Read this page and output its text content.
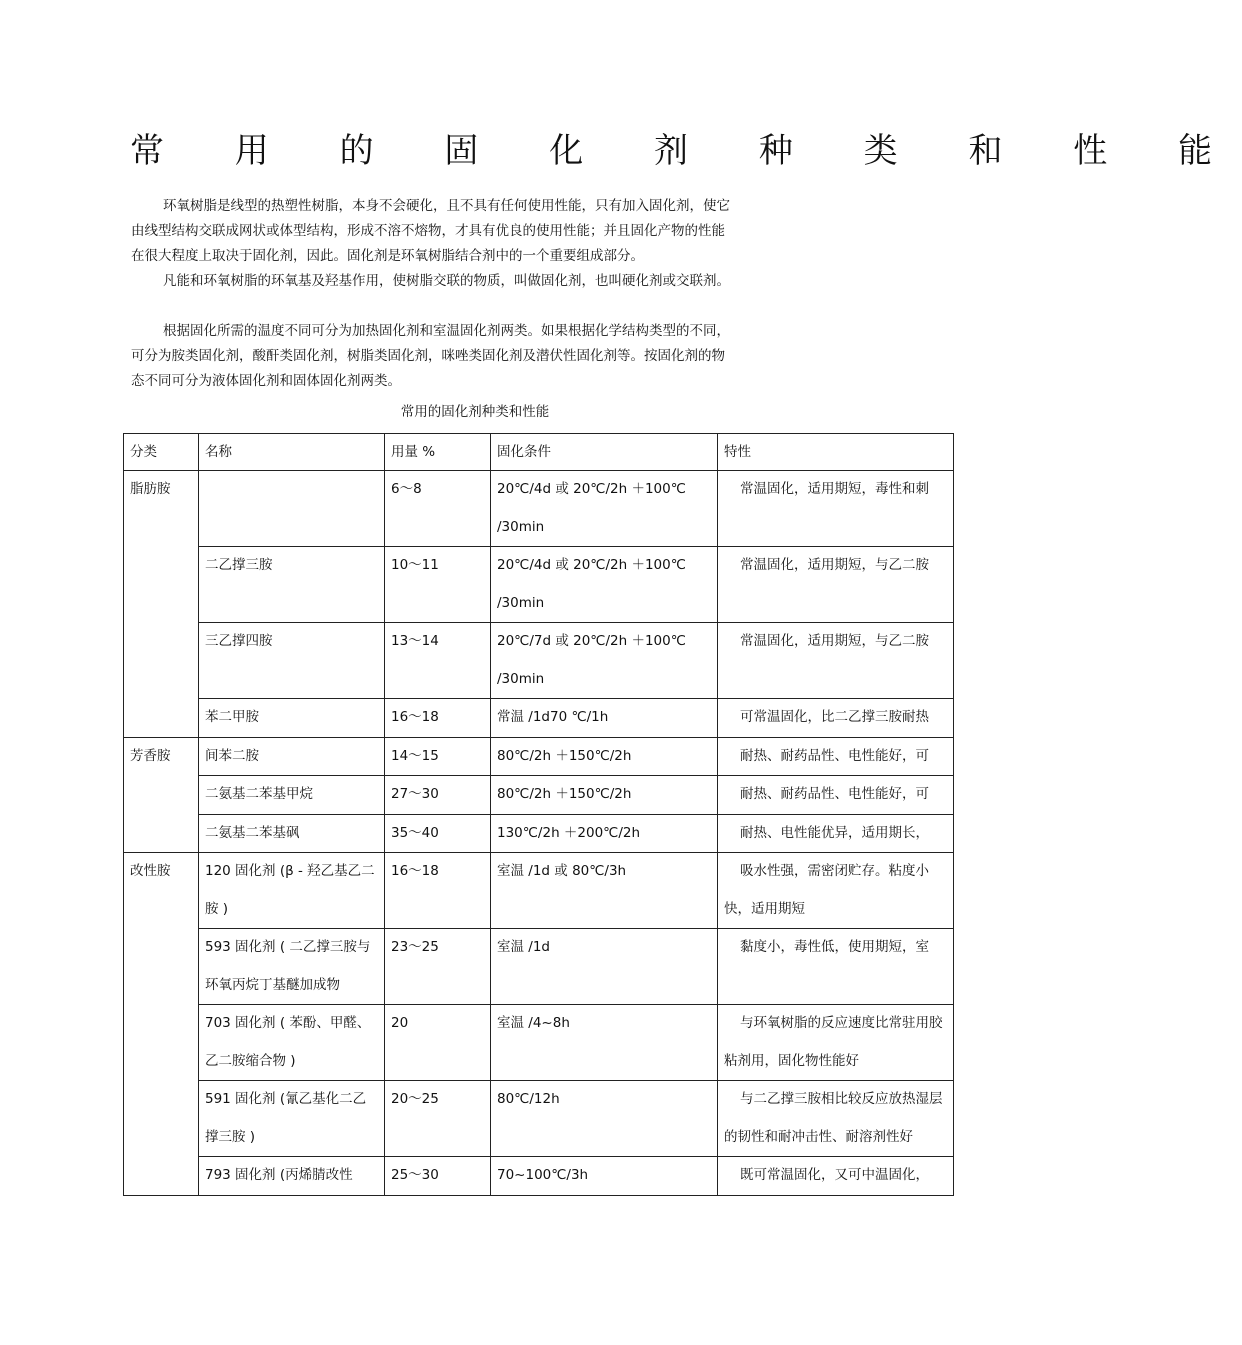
常 用 的 固 化 剂 种 类 和 性 能

环氧树脂是线型的热塑性树脂，本身不会硬化，且不具有任何使用性能，只有加入固化剂，使它由线型结构交联成网状或体型结构，形成不溶不熔物，才具有优良的使用性能；并且固化产物的性能在很大程度上取决于固化剂，因此。固化剂是环氧树脂结合剂中的一个重要组成部分。

凡能和环氧树脂的环氧基及羟基作用，使树脂交联的物质，叫做固化剂，也叫硬化剂或交联剂。

根据固化所需的温度不同可分为加热固化剂和室温固化剂两类。如果根据化学结构类型的不同，可分为胺类固化剂，酸酐类固化剂，树脂类固化剂，咪唑类固化剂及潜伏性固化剂等。按固化剂的物态不同可分为液体固化剂和固体固化剂两类。

常用的固化剂种类和性能
分类	名称	用量 %	固化条件	特性
脂肪胺		6～8	20℃/4d 或 20℃/2h ＋100℃ /30min	常温固化，适用期短，毒性和刺
	二乙撑三胺	10～11	20℃/4d 或 20℃/2h ＋100℃ /30min	常温固化，适用期短，与乙二胺
	三乙撑四胺	13～14	20℃/7d 或 20℃/2h ＋100℃ /30min	常温固化，适用期短，与乙二胺
	苯二甲胺	16～18	常温 /1d70 ℃/1h	可常温固化，比二乙撑三胺耐热
芳香胺	间苯二胺	14～15	80℃/2h ＋150℃/2h	耐热、耐药品性、电性能好，可
	二氨基二苯基甲烷	27～30	80℃/2h ＋150℃/2h	耐热、耐药品性、电性能好，可
	二氨基二苯基砜	35～40	130℃/2h ＋200℃/2h	耐热、电性能优异，适用期长，
改性胺	120 固化剂 (β - 羟乙基乙二胺 )	16～18	室温 /1d 或 80℃/3h	吸水性强，需密闭贮存。粘度小快，适用期短
	593 固化剂 ( 二乙撑三胺与环氧丙烷丁基醚加成物	23～25	室温 /1d	黏度小，毒性低，使用期短，室
	703 固化剂 ( 苯酚、甲醛、乙二胺缩合物 )	20	室温 /4~8h	与环氧树脂的反应速度比常驻用胶粘剂用，固化物性能好
	591 固化剂 (氰乙基化二乙撑三胺 )	20～25	80℃/12h	与二乙撑三胺相比较反应放热湿层的韧性和耐冲击性、耐溶剂性好
	793 固化剂 (丙烯腈改性	25～30	70~100℃/3h	既可常温固化，又可中温固化，
